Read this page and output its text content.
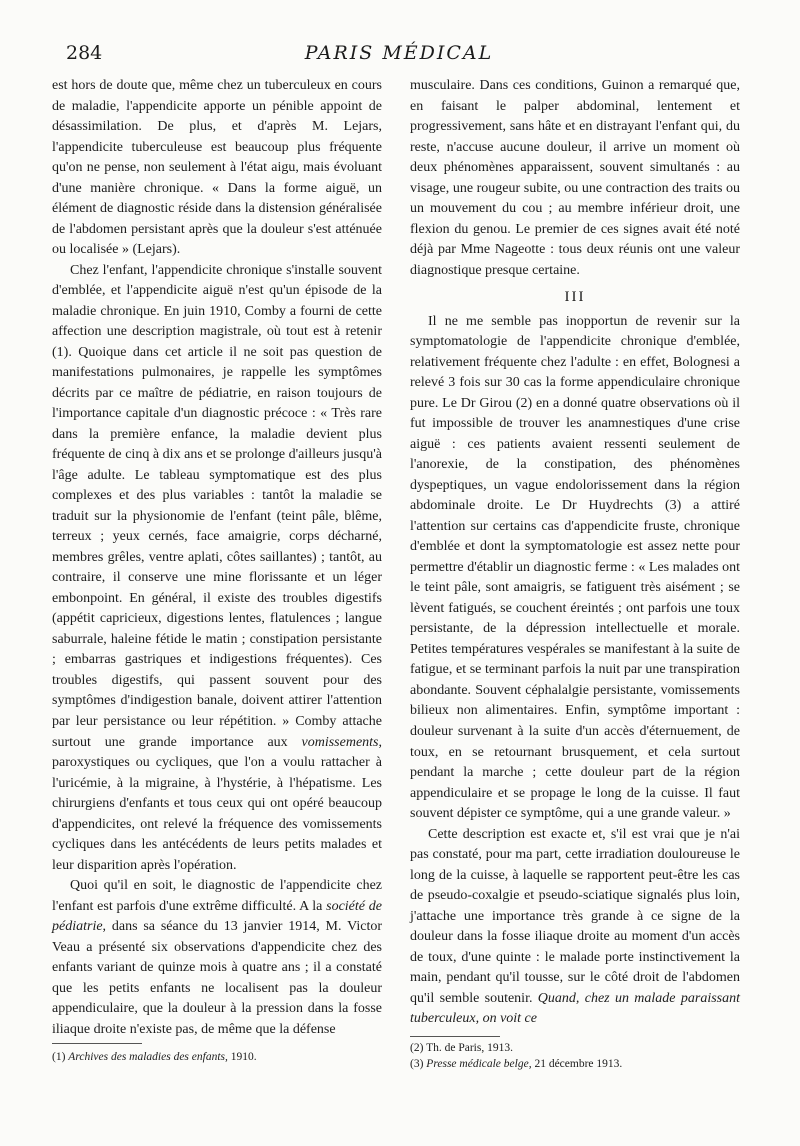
284	PARIS MÉDICAL

est hors de doute que, même chez un tuberculeux en cours de maladie, l'appendicite apporte un pénible appoint de désassimilation. De plus, et d'après M. Lejars, l'appendicite tuberculeuse est beaucoup plus fréquente qu'on ne pense, non seulement à l'état aigu, mais évoluant d'une manière chronique. « Dans la forme aiguë, un élément de diagnostic réside dans la distension généralisée de l'abdomen persistant après que la douleur s'est atténuée ou localisée » (Lejars).

Chez l'enfant, l'appendicite chronique s'installe souvent d'emblée, et l'appendicite aiguë n'est qu'un épisode de la maladie chronique. En juin 1910, Comby a fourni de cette affection une description magistrale, où tout est à retenir (1). Quoique dans cet article il ne soit pas question de manifestations pulmonaires, je rappelle les symptômes décrits par ce maître de pédiatrie, en raison toujours de l'importance capitale d'un diagnostic précoce : « Très rare dans la première enfance, la maladie devient plus fréquente de cinq à dix ans et se prolonge d'ailleurs jusqu'à l'âge adulte. Le tableau symptomatique est des plus complexes et des plus variables : tantôt la maladie se traduit sur la physionomie de l'enfant (teint pâle, blême, terreux ; yeux cernés, face amaigrie, corps décharné, membres grêles, ventre aplati, côtes saillantes) ; tantôt, au contraire, il conserve une mine florissante et un léger embonpoint. En général, il existe des troubles digestifs (appétit capricieux, digestions lentes, flatulences ; langue saburrale, haleine fétide le matin ; constipation persistante ; embarras gastriques et indigestions fréquentes). Ces troubles digestifs, qui passent souvent pour des symptômes d'indigestion banale, doivent attirer l'attention par leur persistance ou leur répétition. » Comby attache surtout une grande importance aux vomissements, paroxystiques ou cycliques, que l'on a voulu rattacher à l'uricémie, à la migraine, à l'hystérie, à l'hépatisme. Les chirurgiens d'enfants et tous ceux qui ont opéré beaucoup d'appendicites, ont relevé la fréquence des vomissements cycliques dans les antécédents de leurs petits malades et leur disparition après l'opération.

Quoi qu'il en soit, le diagnostic de l'appendicite chez l'enfant est parfois d'une extrême difficulté. A la société de pédiatrie, dans sa séance du 13 janvier 1914, M. Victor Veau a présenté six observations d'appendicite chez des enfants variant de quinze mois à quatre ans ; il a constaté que les petits enfants ne localisent pas la douleur appendiculaire, que la douleur à la pression dans la fosse iliaque droite n'existe pas, de même que la défense

musculaire. Dans ces conditions, Guinon a remarqué que, en faisant le palper abdominal, lentement et progressivement, sans hâte et en distrayant l'enfant qui, du reste, n'accuse aucune douleur, il arrive un moment où deux phénomènes apparaissent, souvent simultanés : au visage, une rougeur subite, ou une contraction des traits ou un mouvement du cou ; au membre inférieur droit, une flexion du genou. Le premier de ces signes avait été noté déjà par Mme Nageotte : tous deux réunis ont une valeur diagnostique presque certaine.

III

Il ne me semble pas inopportun de revenir sur la symptomatologie de l'appendicite chronique d'emblée, relativement fréquente chez l'adulte : en effet, Bolognesi a relevé 3 fois sur 30 cas la forme appendiculaire chronique pure. Le Dr Girou (2) en a donné quatre observations où il fut impossible de trouver les anamnestiques d'une crise aiguë : ces patients avaient ressenti seulement de l'anorexie, de la constipation, des phénomènes dyspeptiques, un vague endolorissement dans la région abdominale droite. Le Dr Huydrechts (3) a attiré l'attention sur certains cas d'appendicite fruste, chronique d'emblée et dont la symptomatologie est assez nette pour permettre d'établir un diagnostic ferme : « Les malades ont le teint pâle, sont amaigris, se fatiguent très aisément ; se lèvent fatigués, se couchent éreintés ; ont parfois une toux persistante, de la dépression intellectuelle et morale. Petites températures vespérales se manifestant à la suite de fatigue, et se terminant parfois la nuit par une transpiration abondante. Souvent céphalalgie persistante, vomissements bilieux non alimentaires. Enfin, symptôme important : douleur survenant à la suite d'un accès d'éternuement, de toux, en se retournant brusquement, et cela surtout pendant la marche ; cette douleur part de la région appendiculaire et se propage le long de la cuisse. Il faut souvent dépister ce symptôme, qui a une grande valeur. »

Cette description est exacte et, s'il est vrai que je n'ai pas constaté, pour ma part, cette irradiation douloureuse le long de la cuisse, à laquelle se rapportent peut-être les cas de pseudo-coxalgie et pseudo-sciatique signalés plus loin, j'attache une importance très grande à ce signe de la douleur dans la fosse iliaque droite au moment d'un accès de toux, d'une quinte : le malade porte instinctivement la main, pendant qu'il tousse, sur le côté droit de l'abdomen qu'il semble soutenir. Quand, chez un malade paraissant tuberculeux, on voit ce

(1) Archives des maladies des enfants, 1910.
(2) Th. de Paris, 1913.
(3) Presse médicale belge, 21 décembre 1913.
